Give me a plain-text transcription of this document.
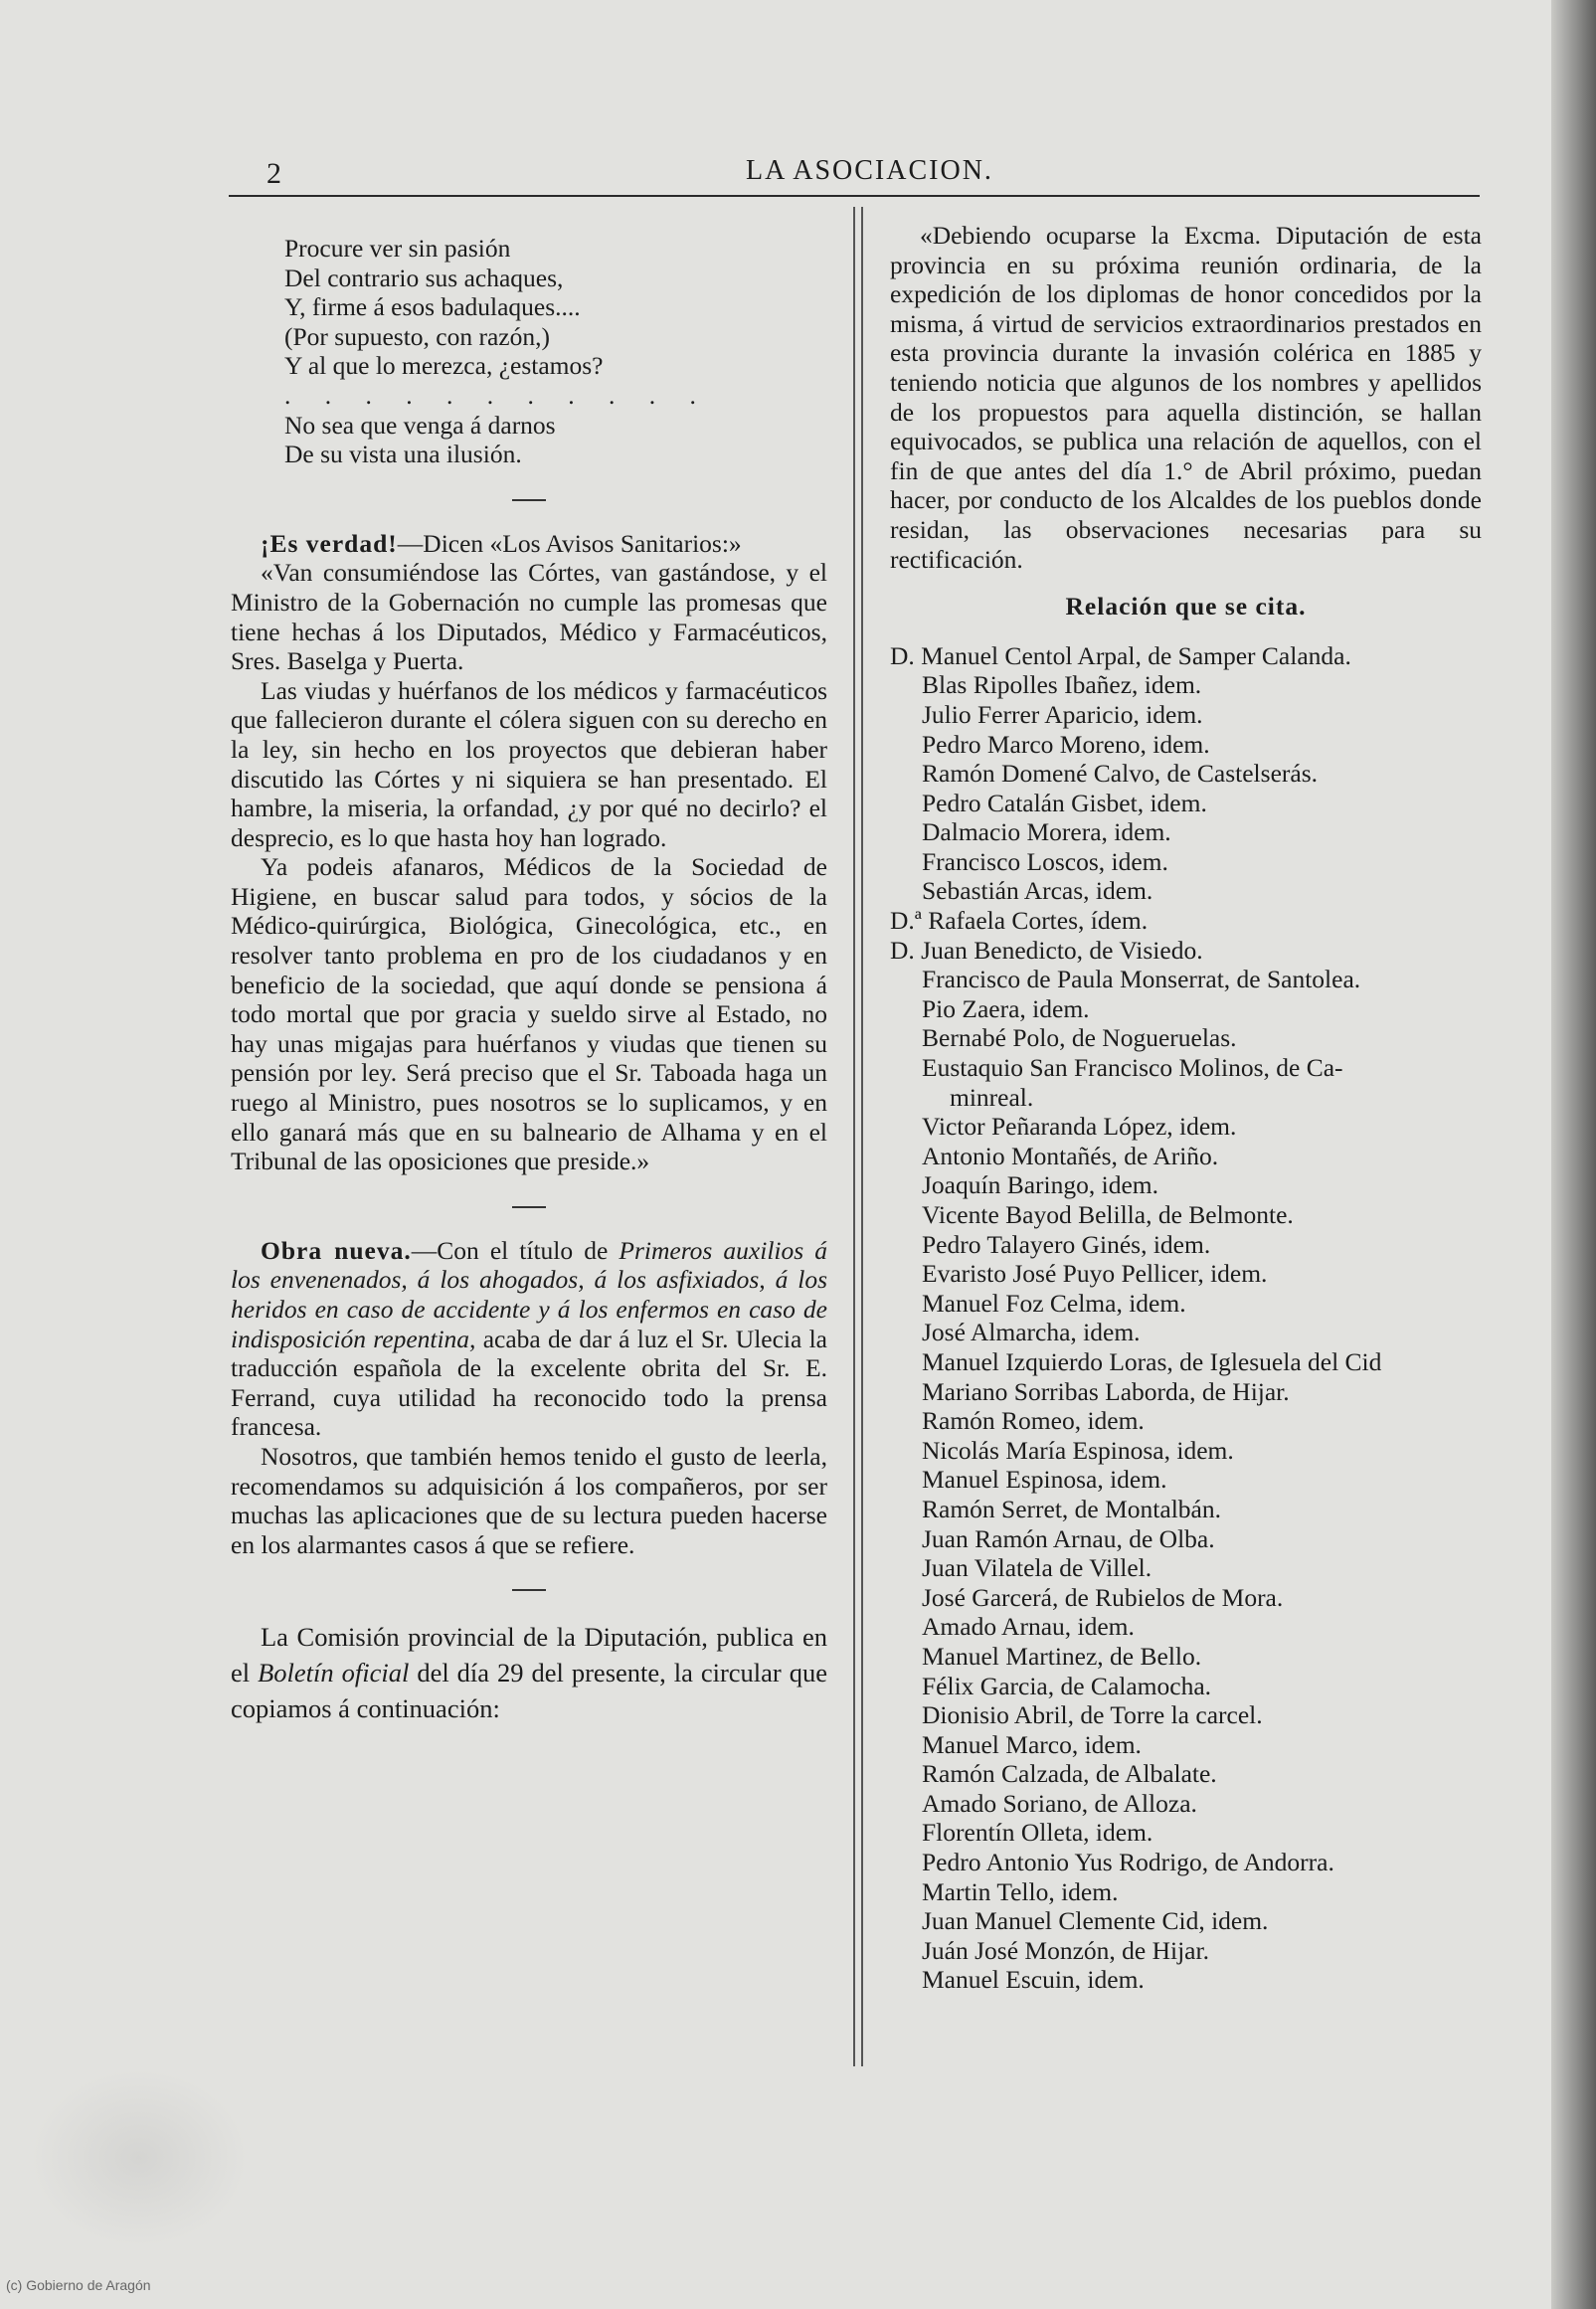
2	LA ASOCIACION.
Procure ver sin pasión
Del contrario sus achaques,
Y, firme á esos badulaques....
(Por supuesto, con razón,)
Y al que lo merezca, ¿estamos?
. . . . . . . . . . .
No sea que venga á darnos
De su vista una ilusión.

¡Es verdad!—Dicen «Los Avisos Sanitarios:»

«Van consumiéndose las Córtes, van gastándose, y el Ministro de la Gobernación no cumple las promesas que tiene hechas á los Diputados, Médico y Farmacéuticos, Sres. Baselga y Puerta.

Las viudas y huérfanos de los médicos y farmacéuticos que fallecieron durante el cólera siguen con su derecho en la ley, sin hecho en los proyectos que debieran haber discutido las Córtes y ni siquiera se han presentado. El hambre, la miseria, la orfandad, ¿y por qué no decirlo? el desprecio, es lo que hasta hoy han logrado.

Ya podeis afanaros, Médicos de la Sociedad de Higiene, en buscar salud para todos, y sócios de la Médico-quirúrgica, Biológica, Ginecológica, etc., en resolver tanto problema en pro de los ciudadanos y en beneficio de la sociedad, que aquí donde se pensiona á todo mortal que por gracia y sueldo sirve al Estado, no hay unas migajas para huérfanos y viudas que tienen su pensión por ley. Será preciso que el Sr. Taboada haga un ruego al Ministro, pues nosotros se lo suplicamos, y en ello ganará más que en su balneario de Alhama y en el Tribunal de las oposiciones que preside.»

Obra nueva.—Con el título de Primeros auxilios á los envenenados, á los ahogados, á los asfixiados, á los heridos en caso de accidente y á los enfermos en caso de indisposición repentina, acaba de dar á luz el Sr. Ulecia la traducción española de la excelente obrita del Sr. E. Ferrand, cuya utilidad ha reconocido todo la prensa francesa.

Nosotros, que también hemos tenido el gusto de leerla, recomendamos su adquisición á los compañeros, por ser muchas las aplicaciones que de su lectura pueden hacerse en los alarmantes casos á que se refiere.

La Comisión provincial de la Diputación, publica en el Boletín oficial del día 29 del presente, la circular que copiamos á continuación:

«Debiendo ocuparse la Excma. Diputación de esta provincia en su próxima reunión ordinaria, de la expedición de los diplomas de honor concedidos por la misma, á virtud de servicios extraordinarios prestados en esta provincia durante la invasión colérica en 1885 y teniendo noticia que algunos de los nombres y apellidos de los propuestos para aquella distinción, se hallan equivocados, se publica una relación de aquellos, con el fin de que antes del día 1.° de Abril próximo, puedan hacer, por conducto de los Alcaldes de los pueblos donde residan, las observaciones necesarias para su rectificación.

Relación que se cita.
D. Manuel Centol Arpal, de Samper Calanda.
Blas Ripolles Ibañez, idem.
Julio Ferrer Aparicio, idem.
Pedro Marco Moreno, idem.
Ramón Domené Calvo, de Castelserás.
Pedro Catalán Gisbet, idem.
Dalmacio Morera, idem.
Francisco Loscos, idem.
Sebastián Arcas, idem.
D.ª Rafaela Cortes, ídem.
D. Juan Benedicto, de Visiedo.
Francisco de Paula Monserrat, de Santolea.
Pio Zaera, idem.
Bernabé Polo, de Nogueruelas.
Eustaquio San Francisco Molinos, de Ca-
minreal.
Victor Peñaranda López, idem.
Antonio Montañés, de Ariño.
Joaquín Baringo, idem.
Vicente Bayod Belilla, de Belmonte.
Pedro Talayero Ginés, idem.
Evaristo José Puyo Pellicer, idem.
Manuel Foz Celma, idem.
José Almarcha, idem.
Manuel Izquierdo Loras, de Iglesuela del Cid
Mariano Sorribas Laborda, de Hijar.
Ramón Romeo, idem.
Nicolás María Espinosa, idem.
Manuel Espinosa, idem.
Ramón Serret, de Montalbán.
Juan Ramón Arnau, de Olba.
Juan Vilatela de Villel.
José Garcerá, de Rubielos de Mora.
Amado Arnau, idem.
Manuel Martinez, de Bello.
Félix Garcia, de Calamocha.
Dionisio Abril, de Torre la carcel.
Manuel Marco, idem.
Ramón Calzada, de Albalate.
Amado Soriano, de Alloza.
Florentín Olleta, idem.
Pedro Antonio Yus Rodrigo, de Andorra.
Martin Tello, idem.
Juan Manuel Clemente Cid, idem.
Juán José Monzón, de Hijar.
Manuel Escuin, idem.
(c) Gobierno de Aragón
